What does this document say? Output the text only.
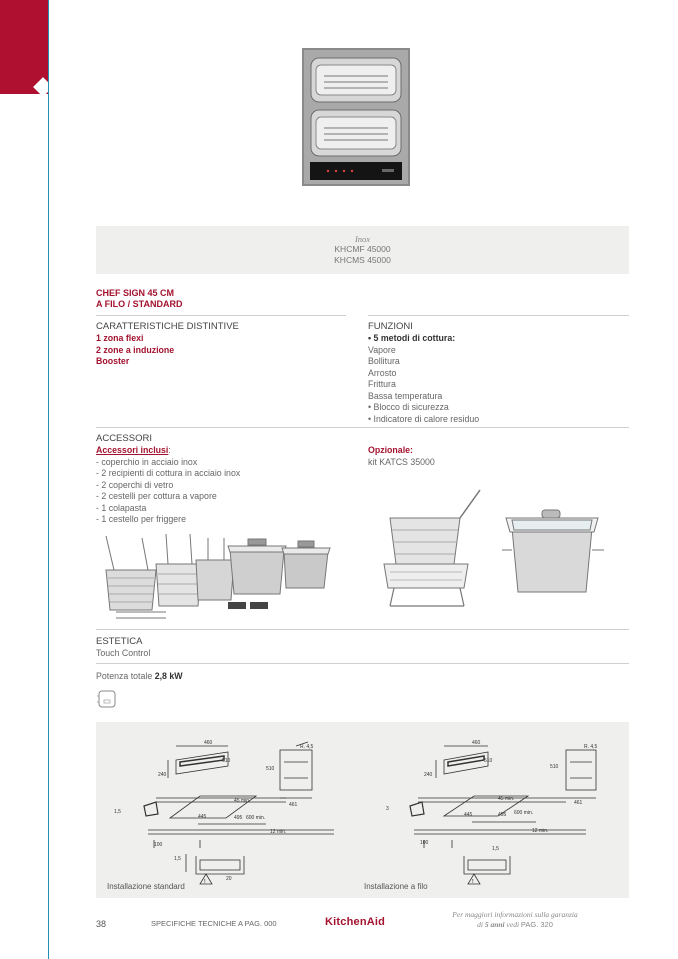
Inox
KHCMF 45000
KHCMS 45000
CHEF SIGN 45 CM
A FILO / STANDARD
CARATTERISTICHE DISTINTIVE
1 zona flexi
2 zone a induzione
Booster
FUNZIONI
• 5 metodi di cottura:
Vapore
Bollitura
Arrosto
Frittura
Bassa temperatura
• Blocco di sicurezza
• Indicatore di calore residuo
ACCESSORI
Accessori inclusi:
- coperchio in acciaio inox
- 2 recipienti di cottura in acciaio inox
- 2 coperchi di vetro
- 2 cestelli per cottura a vapore
- 1 colapasta
- 1 cestello per friggere
Opzionale:
kit KATCS 35000
ESTETICA
Touch Control
Potenza totale 2,8 kW
460
510
240
R. 4,5
510
461
45 min.
445	495 600 min.
1,5
100
12 min.
1,5
20
460
510
240
R. 4,5
510
461
45 min.
445	495 600 min.
3
100
12 min.
1,5
!	!
Installazione standard	Installazione a filo
38	SPECIFICHE TECNICHE A PAG. 000	KitchenAid
Per maggiori informazioni sulla garanzia
di 5 anni vedi PAG. 320
